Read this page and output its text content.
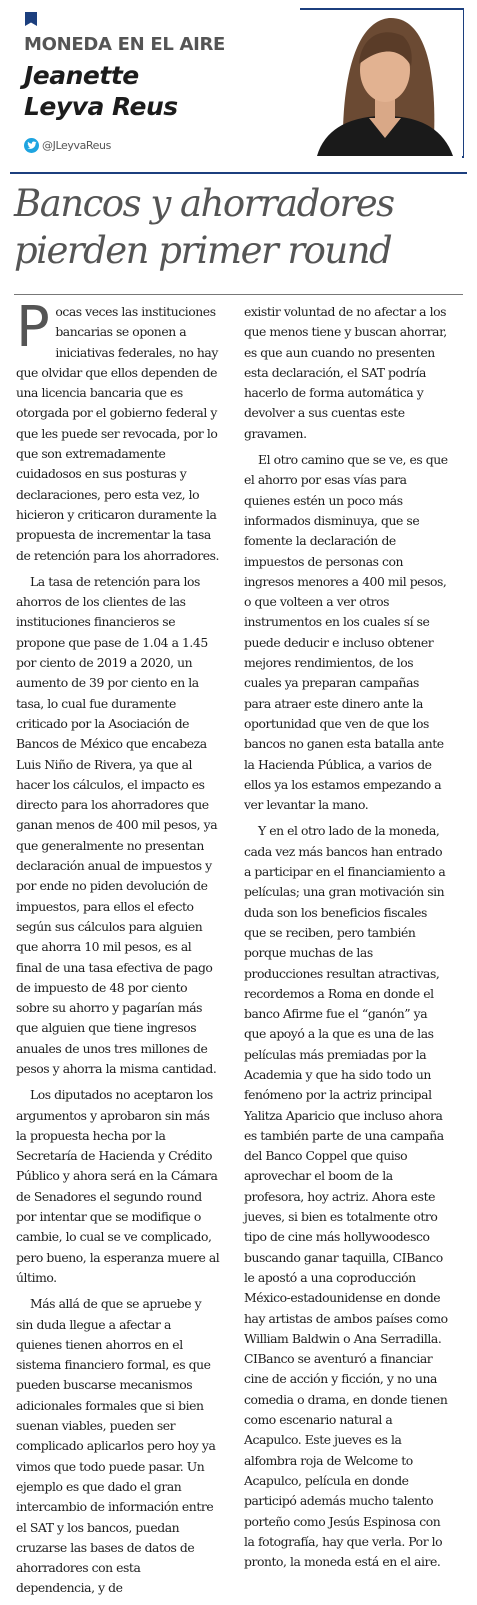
MONEDA EN EL AIRE
Jeanette
Leyva Reus
@JLeyvaReus
Bancos y ahorradores
pierden primer round

Pocas veces las instituciones bancarias se oponen a iniciativas federales, no hay que olvidar que ellos dependen de una licencia bancaria que es otorgada por el gobierno federal y que les puede ser revocada, por lo que son extremadamente cuidadosos en sus posturas y declaraciones, pero esta vez, lo hicieron y criticaron duramente la propuesta de incrementar la tasa de retención para los ahorradores.

La tasa de retención para los ahorros de los clientes de las instituciones financieros se propone que pase de 1.04 a 1.45 por ciento de 2019 a 2020, un aumento de 39 por ciento en la tasa, lo cual fue duramente criticado por la Asociación de Bancos de México que encabeza Luis Niño de Rivera, ya que al hacer los cálculos, el impacto es directo para los ahorradores que ganan menos de 400 mil pesos, ya que generalmente no presentan declaración anual de impuestos y por ende no piden devolución de impuestos, para ellos el efecto según sus cálculos para alguien que ahorra 10 mil pesos, es al final de una tasa efectiva de pago de impuesto de 48 por ciento sobre su ahorro y pagarían más que alguien que tiene ingresos anuales de unos tres millones de pesos y ahorra la misma cantidad.

Los diputados no aceptaron los argumentos y aprobaron sin más la propuesta hecha por la Secretaría de Hacienda y Crédito Público y ahora será en la Cámara de Senadores el segundo round por intentar que se modifique o cambie, lo cual se ve complicado, pero bueno, la esperanza muere al último.

Más allá de que se apruebe y sin duda llegue a afectar a quienes tienen ahorros en el sistema financiero formal, es que pueden buscarse mecanismos adicionales formales que si bien suenan viables, pueden ser complicado aplicarlos pero hoy ya vimos que todo puede pasar. Un ejemplo es que dado el gran intercambio de información entre el SAT y los bancos, puedan cruzarse las bases de datos de ahorradores con esta dependencia, y de

existir voluntad de no afectar a los que menos tiene y buscan ahorrar, es que aun cuando no presenten esta declaración, el SAT podría hacerlo de forma automática y devolver a sus cuentas este gravamen.

El otro camino que se ve, es que el ahorro por esas vías para quienes estén un poco más informados disminuya, que se fomente la declaración de impuestos de personas con ingresos menores a 400 mil pesos, o que volteen a ver otros instrumentos en los cuales sí se puede deducir e incluso obtener mejores rendimientos, de los cuales ya preparan campañas para atraer este dinero ante la oportunidad que ven de que los bancos no ganen esta batalla ante la Hacienda Pública, a varios de ellos ya los estamos empezando a ver levantar la mano.

Y en el otro lado de la moneda, cada vez más bancos han entrado a participar en el financiamiento a películas; una gran motivación sin duda son los beneficios fiscales que se reciben, pero también porque muchas de las producciones resultan atractivas, recordemos a Roma en donde el banco Afirme fue el “ganón” ya que apoyó a la que es una de las películas más premiadas por la Academia y que ha sido todo un fenómeno por la actriz principal Yalitza Aparicio que incluso ahora es también parte de una campaña del Banco Coppel que quiso aprovechar el boom de la profesora, hoy actriz. Ahora este jueves, si bien es totalmente otro tipo de cine más hollywoodesco buscando ganar taquilla, CIBanco le apostó a una coproducción México-estadounidense en donde hay artistas de ambos países como William Baldwin o Ana Serradilla. CIBanco se aventuró a financiar cine de acción y ficción, y no una comedia o drama, en donde tienen como escenario natural a Acapulco. Este jueves es la alfombra roja de Welcome to Acapulco, película en donde participó además mucho talento porteño como Jesús Espinosa con la fotografía, hay que verla. Por lo pronto, la moneda está en el aire.
